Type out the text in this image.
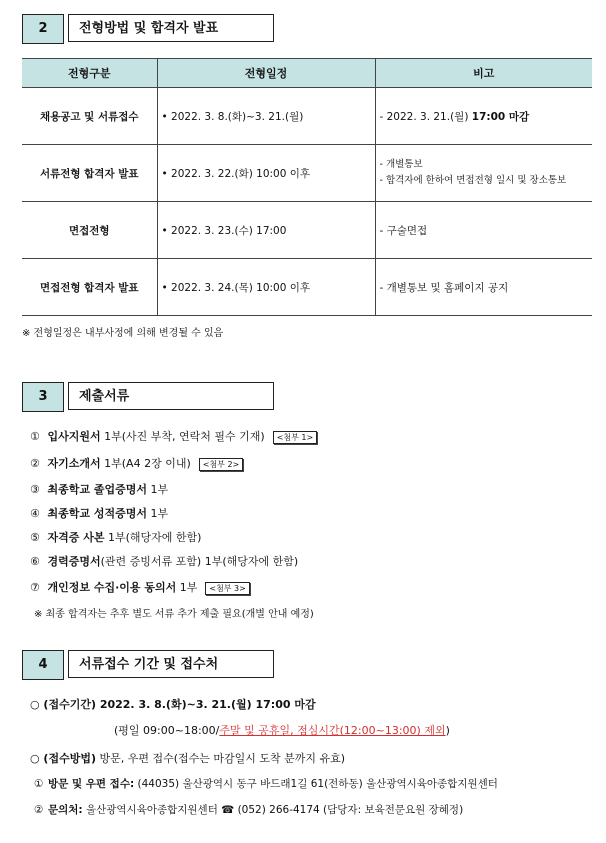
2	전형방법 및 합격자 발표
전형구분	전형일정	비고
채용공고 및 서류접수	• 2022. 3. 8.(화)~3. 21.(월)	- 2022. 3. 21.(월) 17:00 마감
서류전형 합격자 발표	• 2022. 3. 22.(화) 10:00 이후	- 개별통보
- 합격자에 한하여 면접전형 일시 및 장소통보

면접전형	• 2022. 3. 23.(수) 17:00	- 구술면접
면접전형 합격자 발표	• 2022. 3. 24.(목) 10:00 이후	- 개별통보 및 홈페이지 공지
※ 전형일정은 내부사정에 의해 변경될 수 있음
3	제출서류
① 입사지원서 1부(사진 부착, 연락처 필수 기재) <첨부 1>
② 자기소개서 1부(A4 2장 이내) <첨부 2>
③ 최종학교 졸업증명서 1부
④ 최종학교 성적증명서 1부
⑤ 자격증 사본 1부(해당자에 한함)
⑥ 경력증명서(관련 증빙서류 포함) 1부(해당자에 한함)
⑦ 개인정보 수집·이용 동의서 1부 <첨부 3>
※ 최종 합격자는 추후 별도 서류 추가 제출 필요(개별 안내 예정)
4	서류접수 기간 및 접수처
○ (접수기간) 2022. 3. 8.(화)~3. 21.(월) 17:00 마감
(평일 09:00~18:00/주말 및 공휴일, 점심시간(12:00~13:00) 제외)
○ (접수방법) 방문, 우편 접수(접수는 마감일시 도착 분까지 유효)
① 방문 및 우편 접수: (44035) 울산광역시 동구 바드래1길 61(전하동) 울산광역시육아종합지원센터
② 문의처: 울산광역시육아종합지원센터 ☎ (052) 266-4174 (담당자: 보육전문요원 장혜정)
